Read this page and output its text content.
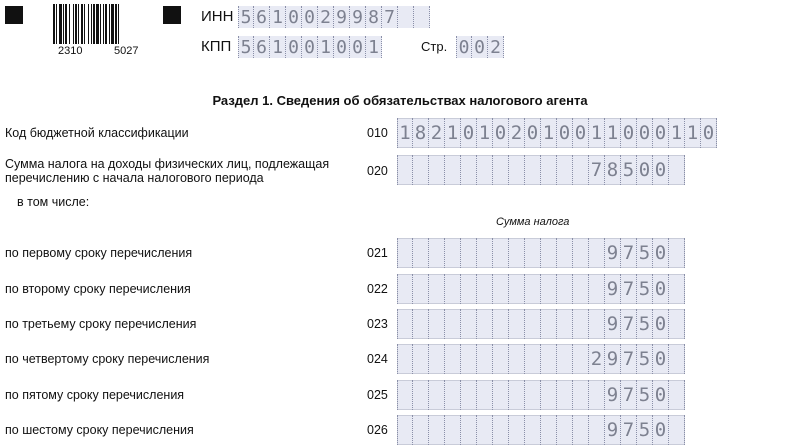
2310	5027
ИНН 5 6 1 0 0 2 9 9 8 7
КПП 5 6 1 0 0 1 0 0 1	Стр. 0 0 2
Раздел 1. Сведения об обязательствах налогового агента
Код бюджетной классификации	010 1 8 2 1 0 1 0 2 0 1 0 0 1 1 0 0 0 1 1 0
Сумма налога на доходы физических лиц, подлежащая перечислению с начала налогового периода	020	7 8 5 0 0
в том числе:
Сумма налога
по первому сроку перечисления	021	9 7 5 0
по второму сроку перечисления	022	9 7 5 0
по третьему сроку перечисления	023	9 7 5 0
по четвертому сроку перечисления	024	2 9 7 5 0
по пятому сроку перечисления	025	9 7 5 0
по шестому сроку перечисления	026	9 7 5 0
